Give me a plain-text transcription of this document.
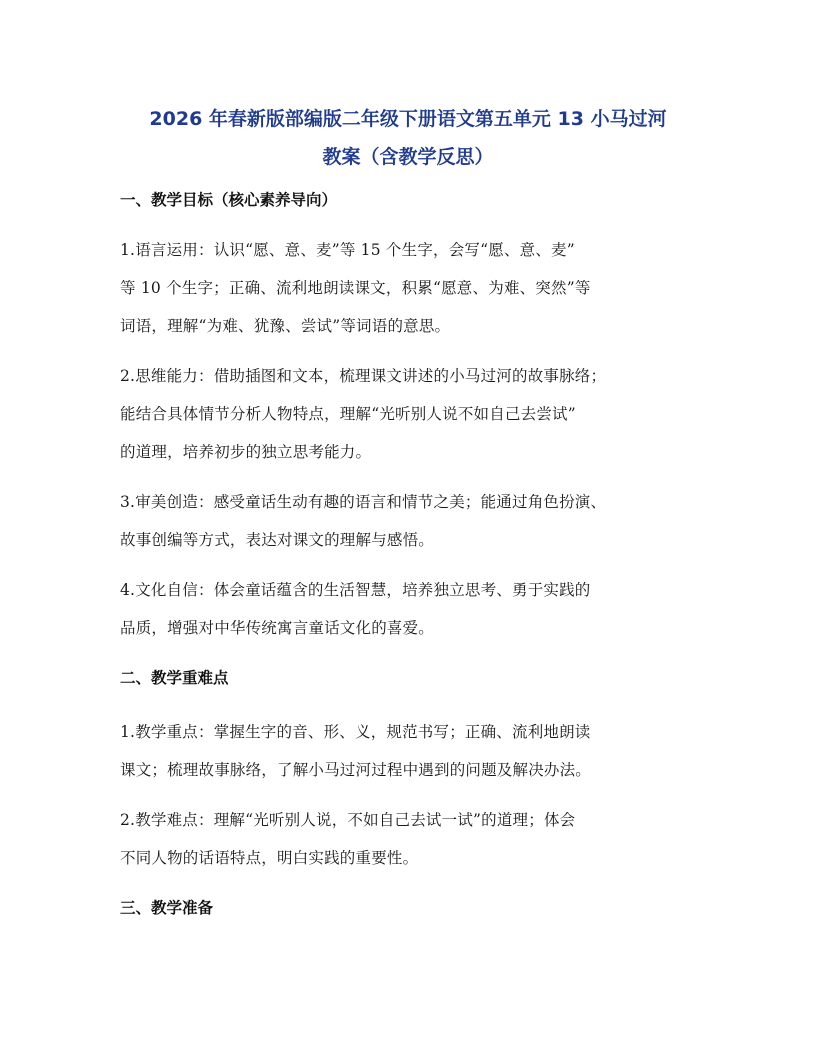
2026 年春新版部编版二年级下册语文第五单元 13 小马过河
教案（含教学反思）
一、教学目标（核心素养导向）

1.语言运用：认识“愿、意、麦”等 15 个生字，会写“愿、意、麦”

等 10 个生字；正确、流利地朗读课文，积累“愿意、为难、突然”等

词语，理解“为难、犹豫、尝试”等词语的意思。

2.思维能力：借助插图和文本，梳理课文讲述的小马过河的故事脉络；

能结合具体情节分析人物特点，理解“光听别人说不如自己去尝试”

的道理，培养初步的独立思考能力。

3.审美创造：感受童话生动有趣的语言和情节之美；能通过角色扮演、

故事创编等方式，表达对课文的理解与感悟。

4.文化自信：体会童话蕴含的生活智慧，培养独立思考、勇于实践的

品质，增强对中华传统寓言童话文化的喜爱。

二、教学重难点

1.教学重点：掌握生字的音、形、义，规范书写；正确、流利地朗读

课文；梳理故事脉络，了解小马过河过程中遇到的问题及解决办法。

2.教学难点：理解“光听别人说，不如自己去试一试”的道理；体会

不同人物的话语特点，明白实践的重要性。

三、教学准备
